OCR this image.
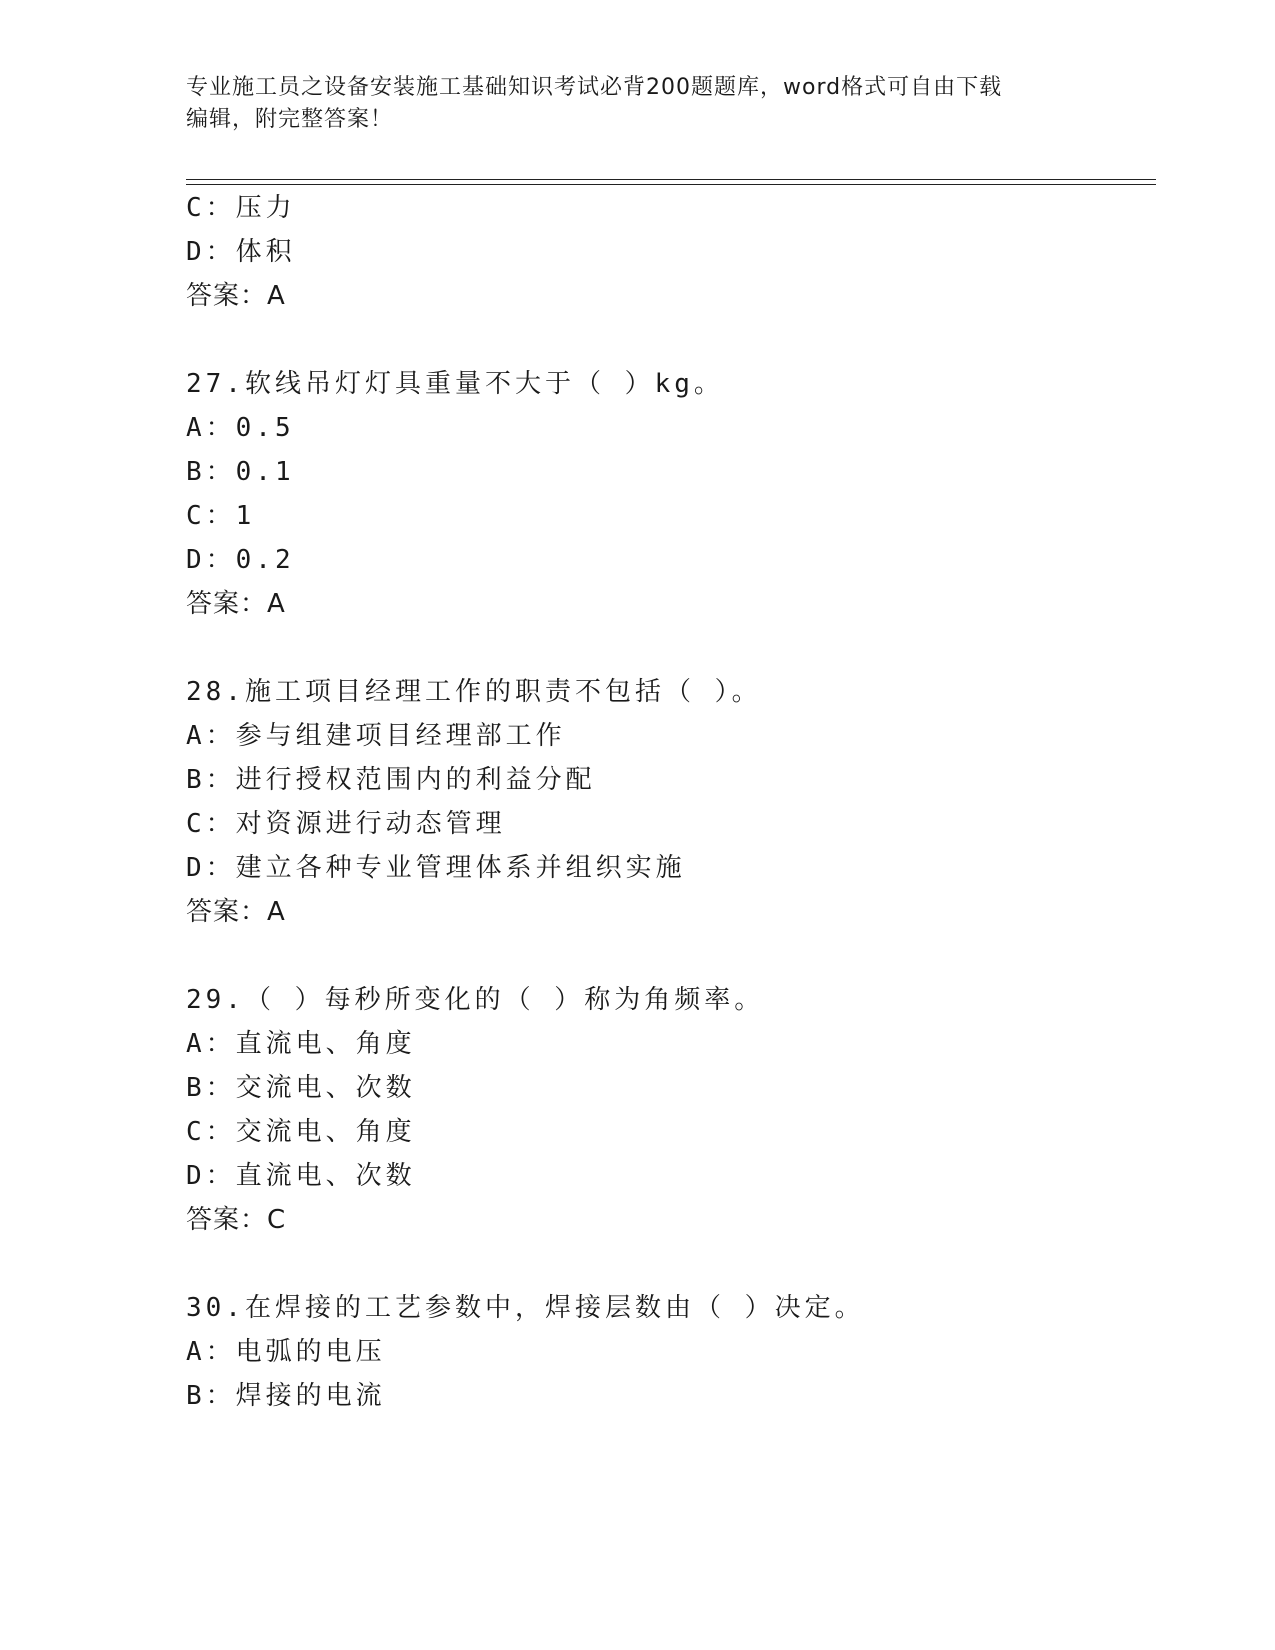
专业施工员之设备安装施工基础知识考试必背200题题库，word格式可自由下载
编辑，附完整答案！
C：压力
D：体积
答案：A
27.软线吊灯灯具重量不大于（ ）kg。
A：0.5
B：0.1
C：1
D：0.2
答案：A
28.施工项目经理工作的职责不包括（ ）。
A：参与组建项目经理部工作
B：进行授权范围内的利益分配
C：对资源进行动态管理
D：建立各种专业管理体系并组织实施
答案：A
29.（ ）每秒所变化的（ ）称为角频率。
A：直流电、角度
B：交流电、次数
C：交流电、角度
D：直流电、次数
答案：C
30.在焊接的工艺参数中，焊接层数由（ ）决定。
A：电弧的电压
B：焊接的电流
